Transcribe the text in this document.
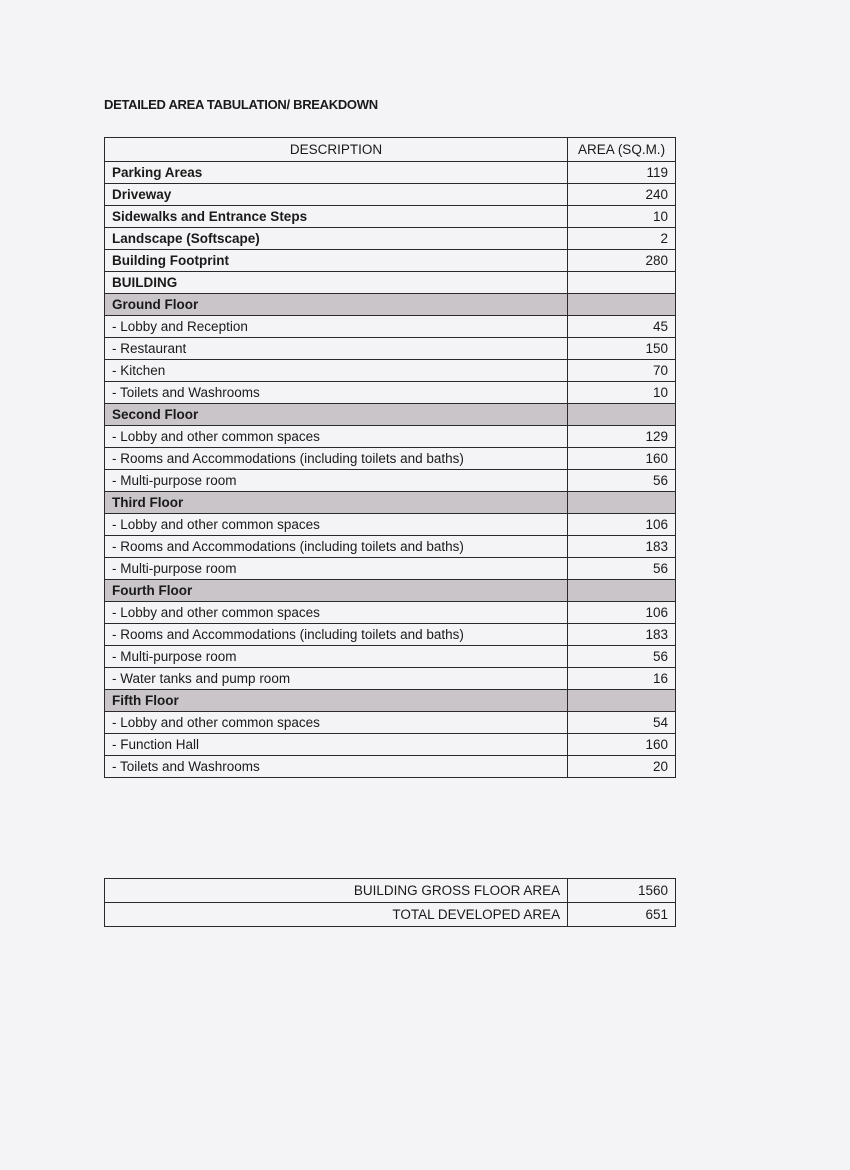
DETAILED AREA TABULATION/ BREAKDOWN
DESCRIPTION	AREA (SQ.M.)
Parking Areas	119
Driveway	240
Sidewalks and Entrance Steps	10
Landscape (Softscape)	2
Building Footprint	280
BUILDING	
Ground Floor	
- Lobby and Reception	45
- Restaurant	150
- Kitchen	70
- Toilets and Washrooms	10
Second Floor	
- Lobby and other common spaces	129
- Rooms and Accommodations (including toilets and baths)	160
- Multi-purpose room	56
Third Floor	
- Lobby and other common spaces	106
- Rooms and Accommodations (including toilets and baths)	183
- Multi-purpose room	56
Fourth Floor	
- Lobby and other common spaces	106
- Rooms and Accommodations (including toilets and baths)	183
- Multi-purpose room	56
- Water tanks and pump room	16
Fifth Floor	
- Lobby and other common spaces	54
- Function Hall	160
- Toilets and Washrooms	20
BUILDING GROSS FLOOR AREA	1560
TOTAL DEVELOPED AREA	651
